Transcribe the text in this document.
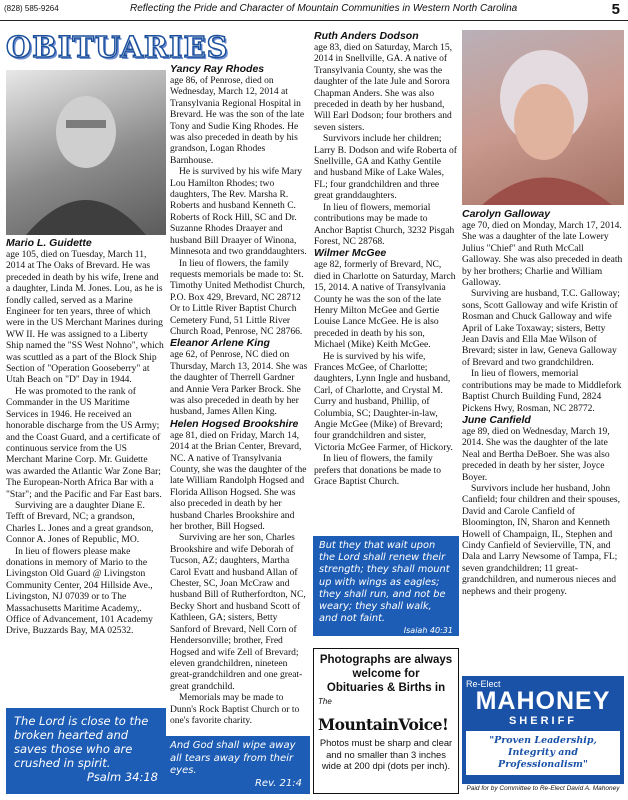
(828) 585-9264	Reflecting the Pride and Character of Mountain Communities in Western North Carolina	5
OBITUARIES

Mario L. Guidette

age 105, died on Tuesday, March 11, 2014 at The Oaks of Brevard. He was preceded in death by his wife, Irene and a daughter, Linda M. Jones. Lou, as he is fondly called, served as a Marine Engineer for ten years, three of which were in the US Merchant Marines during WW II. He was assigned to a Liberty Ship named the "SS West Nohno", which was scuttled as a part of the Block Ship Section of "Operation Gooseberry" at Utah Beach on "D" Day in 1944.

He was promoted to the rank of Commander in the US Maritime Services in 1946. He received an honorable discharge from the US Army; and the Coast Guard, and a certificate of continuous service from the US Merchant Marine Corp. Mr. Guidette was awarded the Atlantic War Zone Bar; The European-North Africa Bar with a "Star"; and the Pacific and Far East bars.

Surviving are a daughter Diane E. Tefft of Brevard, NC; a grandson, Charles L. Jones and a great grandson, Connor A. Jones of Republic, MO.

In lieu of flowers please make donations in memory of Mario to the Livingston Old Guard @ Livingston Community Center, 204 Hillside Ave., Livingston, NJ 07039 or to The Massachusetts Maritime Academy,. Office of Advancement, 101 Academy Drive, Buzzards Bay, MA 02532.

The Lord is close to the broken hearted and saves those who are crushed in spirit.
Psalm 34:18

Yancy Ray Rhodes

age 86, of Penrose, died on Wednesday, March 12, 2014 at Transylvania Regional Hospital in Brevard. He was the son of the late Tony and Sudie King Rhodes. He was also preceded in death by his grandson, Logan Rhodes Barnhouse.

He is survived by his wife Mary Lou Hamilton Rhodes; two daughters, The Rev. Marsha R. Roberts and husband Kenneth C. Roberts of Rock Hill, SC and Dr. Suzanne Rhodes Draayer and husband Bill Draayer of Winona, Minnesota and two granddaughters.

In lieu of flowers, the family requests memorials be made to: St. Timothy United Methodist Church, P.O. Box 429, Brevard, NC 28712 Or to Little River Baptist Church Cemetery Fund, 51 Little River Church Road, Penrose, NC 28766.

Eleanor Arlene King

age 62, of Penrose, NC died on Thursday, March 13, 2014. She was the daughter of Therrell Gardner and Annie Vera Parker Brock. She was also preceded in death by her husband, James Allen King.

Helen Hogsed Brookshire

age 81, died on Friday, March 14, 2014 at the Brian Center, Brevard, NC. A native of Transylvania County, she was the daughter of the late William Randolph Hogsed and Florida Allison Hogsed. She was also preceded in death by her husband Charles Brookshire and her brother, Bill Hogsed.

Surviving are her son, Charles Brookshire and wife Deborah of Tucson, AZ; daughters, Martha Carol Evatt and husband Allan of Chester, SC, Joan McCraw and husband Bill of Rutherfordton, NC, Becky Short and husband Scott of Kathleen, GA; sisters, Betty Sanford of Brevard, Nell Corn of Hendersonville; brother, Fred Hogsed and wife Zell of Brevard; eleven grandchildren, nineteen great-grandchildren and one great-great grandchild.

Memorials may be made to Dunn's Rock Baptist Church or to one's favorite charity.

And God shall wipe away all tears away from their eyes.
Rev. 21:4

Ruth Anders Dodson

age 83, died on Saturday, March 15, 2014 in Snellville, GA. A native of Transylvania County, she was the daughter of the late Jule and Sorora Chapman Anders. She was also preceded in death by her husband, Will Earl Dodson; four brothers and seven sisters.

Survivors include her children; Larry B. Dodson and wife Roberta of Snellville, GA and Kathy Gentile and husband Mike of Lake Wales, FL; four grandchildren and three great granddaughters.

In lieu of flowers, memorial contributions may be made to Anchor Baptist Church, 3232 Pisgah Forest, NC 28768.

Wilmer McGee

age 82, formerly of Brevard, NC, died in Charlotte on Saturday, March 15, 2014. A native of Transylvania County he was the son of the late Henry Milton McGee and Gertie Louise Lance McGee. He is also preceded in death by his son, Michael (Mike) Keith McGee.

He is survived by his wife, Frances McGee, of Charlotte; daughters, Lynn Ingle and husband, Carl, of Charlotte, and Crystal M. Curry and husband, Phillip, of Columbia, SC; Daughter-in-law, Angie McGee (Mike) of Brevard; four grandchildren and sister, Victoria McGee Farmer, of Hickory.

In lieu of flowers, the family prefers that donations be made to Grace Baptist Church.

But they that wait upon the Lord shall renew their strength; they shall mount up with wings as eagles; they shall run, and not be weary; they shall walk, and not faint.
Isaiah 40:31
Photographs are always
welcome for
Obituaries & Births in
$^{The}$ MountainVoice!
Photos must be sharp and clear and no smaller than 3 inches wide at 200 dpi (dots per inch).

Carolyn Galloway

age 70, died on Monday, March 17, 2014. She was a daughter of the late Lowery Julius "Chief" and Ruth McCall Galloway. She was also preceded in death by her brothers; Charlie and William Galloway.

Surviving are husband, T.C. Galloway; sons, Scott Galloway and wife Kristin of Rosman and Chuck Galloway and wife April of Lake Toxaway; sisters, Betty Jean Davis and Ella Mae Wilson of Brevard; sister in law, Geneva Galloway of Brevard and two grandchildren.

In lieu of flowers, memorial contributions may be made to Middlefork Baptist Church Building Fund, 2824 Pickens Hwy, Rosman, NC 28772.

June Canfield

age 89, died on Wednesday, March 19, 2014. She was the daughter of the late Neal and Bertha DeBoer. She was also preceded in death by her sister, Joyce Boyer.

Survivors include her husband, John Canfield; four children and their spouses, David and Carole Canfield of Bloomington, IN, Sharon and Kenneth Howell of Champaign, IL, Stephen and Cindy Canfield of Sevierville, TN, and Dala and Larry Newsome of Tampa, FL; seven grandchildren; 11 great-grandchildren, and numerous nieces and nephews and their progeny.

Re-Elect
MAHONEY
SHERIFF
"Proven Leadership, Integrity and Professionalism"
Paid for by Committee to Re-Elect David A. Mahoney
